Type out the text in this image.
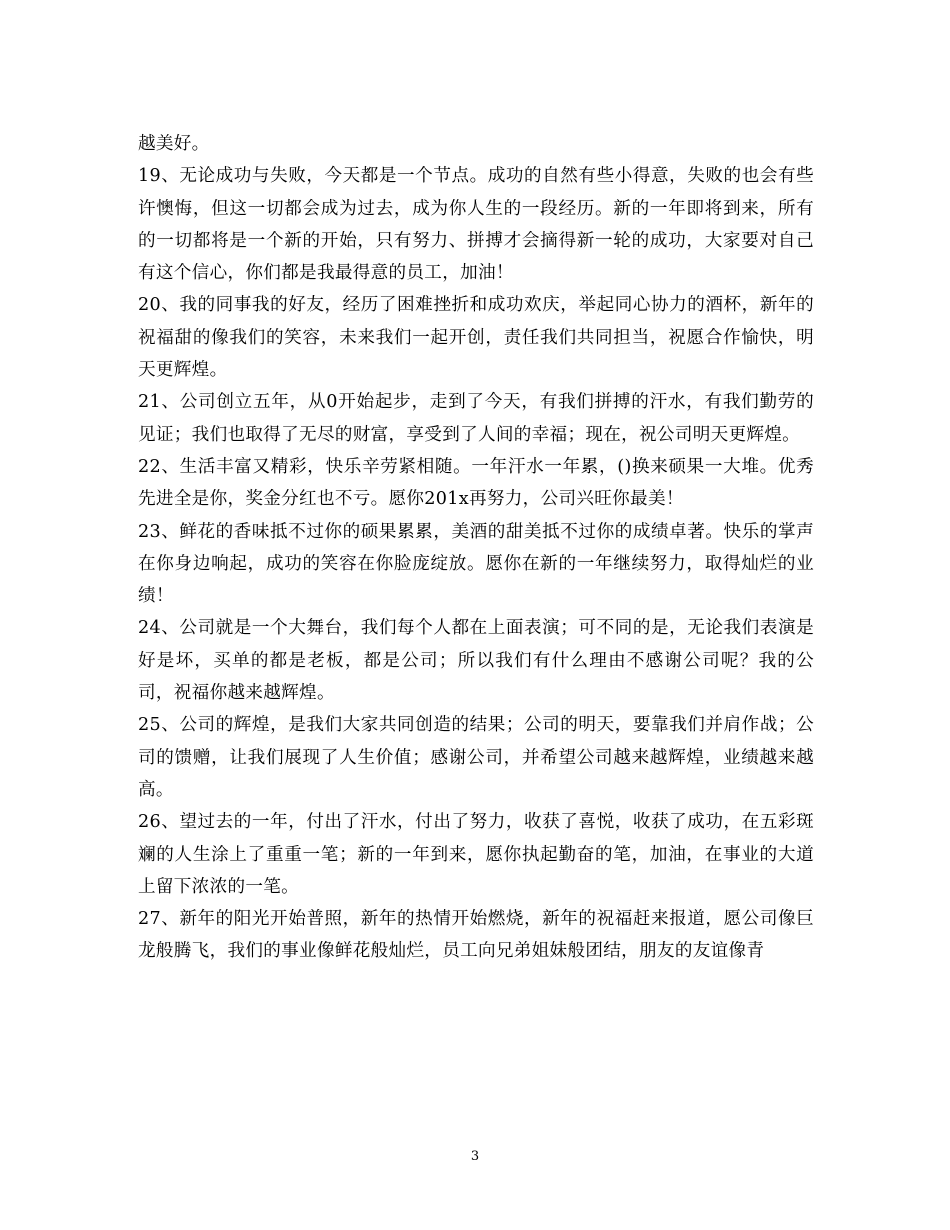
越美好。

19、无论成功与失败，今天都是一个节点。成功的自然有些小得意，失败的也会有些许懊悔，但这一切都会成为过去，成为你人生的一段经历。新的一年即将到来，所有的一切都将是一个新的开始，只有努力、拼搏才会摘得新一轮的成功，大家要对自己有这个信心，你们都是我最得意的员工，加油！

20、我的同事我的好友，经历了困难挫折和成功欢庆，举起同心协力的酒杯，新年的祝福甜的像我们的笑容，未来我们一起开创，责任我们共同担当，祝愿合作愉快，明天更辉煌。

21、公司创立五年，从0开始起步，走到了今天，有我们拼搏的汗水，有我们勤劳的见证；我们也取得了无尽的财富，享受到了人间的幸福；现在，祝公司明天更辉煌。

22、生活丰富又精彩，快乐辛劳紧相随。一年汗水一年累，()换来硕果一大堆。优秀先进全是你，奖金分红也不亏。愿你201x再努力，公司兴旺你最美！

23、鲜花的香味抵不过你的硕果累累，美酒的甜美抵不过你的成绩卓著。快乐的掌声在你身边响起，成功的笑容在你脸庞绽放。愿你在新的一年继续努力，取得灿烂的业绩！

24、公司就是一个大舞台，我们每个人都在上面表演；可不同的是，无论我们表演是好是坏，买单的都是老板，都是公司；所以我们有什么理由不感谢公司呢？我的公司，祝福你越来越辉煌。

25、公司的辉煌，是我们大家共同创造的结果；公司的明天，要靠我们并肩作战；公司的馈赠，让我们展现了人生价值；感谢公司，并希望公司越来越辉煌，业绩越来越高。

26、望过去的一年，付出了汗水，付出了努力，收获了喜悦，收获了成功，在五彩斑斓的人生涂上了重重一笔；新的一年到来，愿你执起勤奋的笔，加油，在事业的大道上留下浓浓的一笔。

27、新年的阳光开始普照，新年的热情开始燃烧，新年的祝福赶来报道，愿公司像巨龙般腾飞，我们的事业像鲜花般灿烂，员工向兄弟姐妹般团结，朋友的友谊像青

3
